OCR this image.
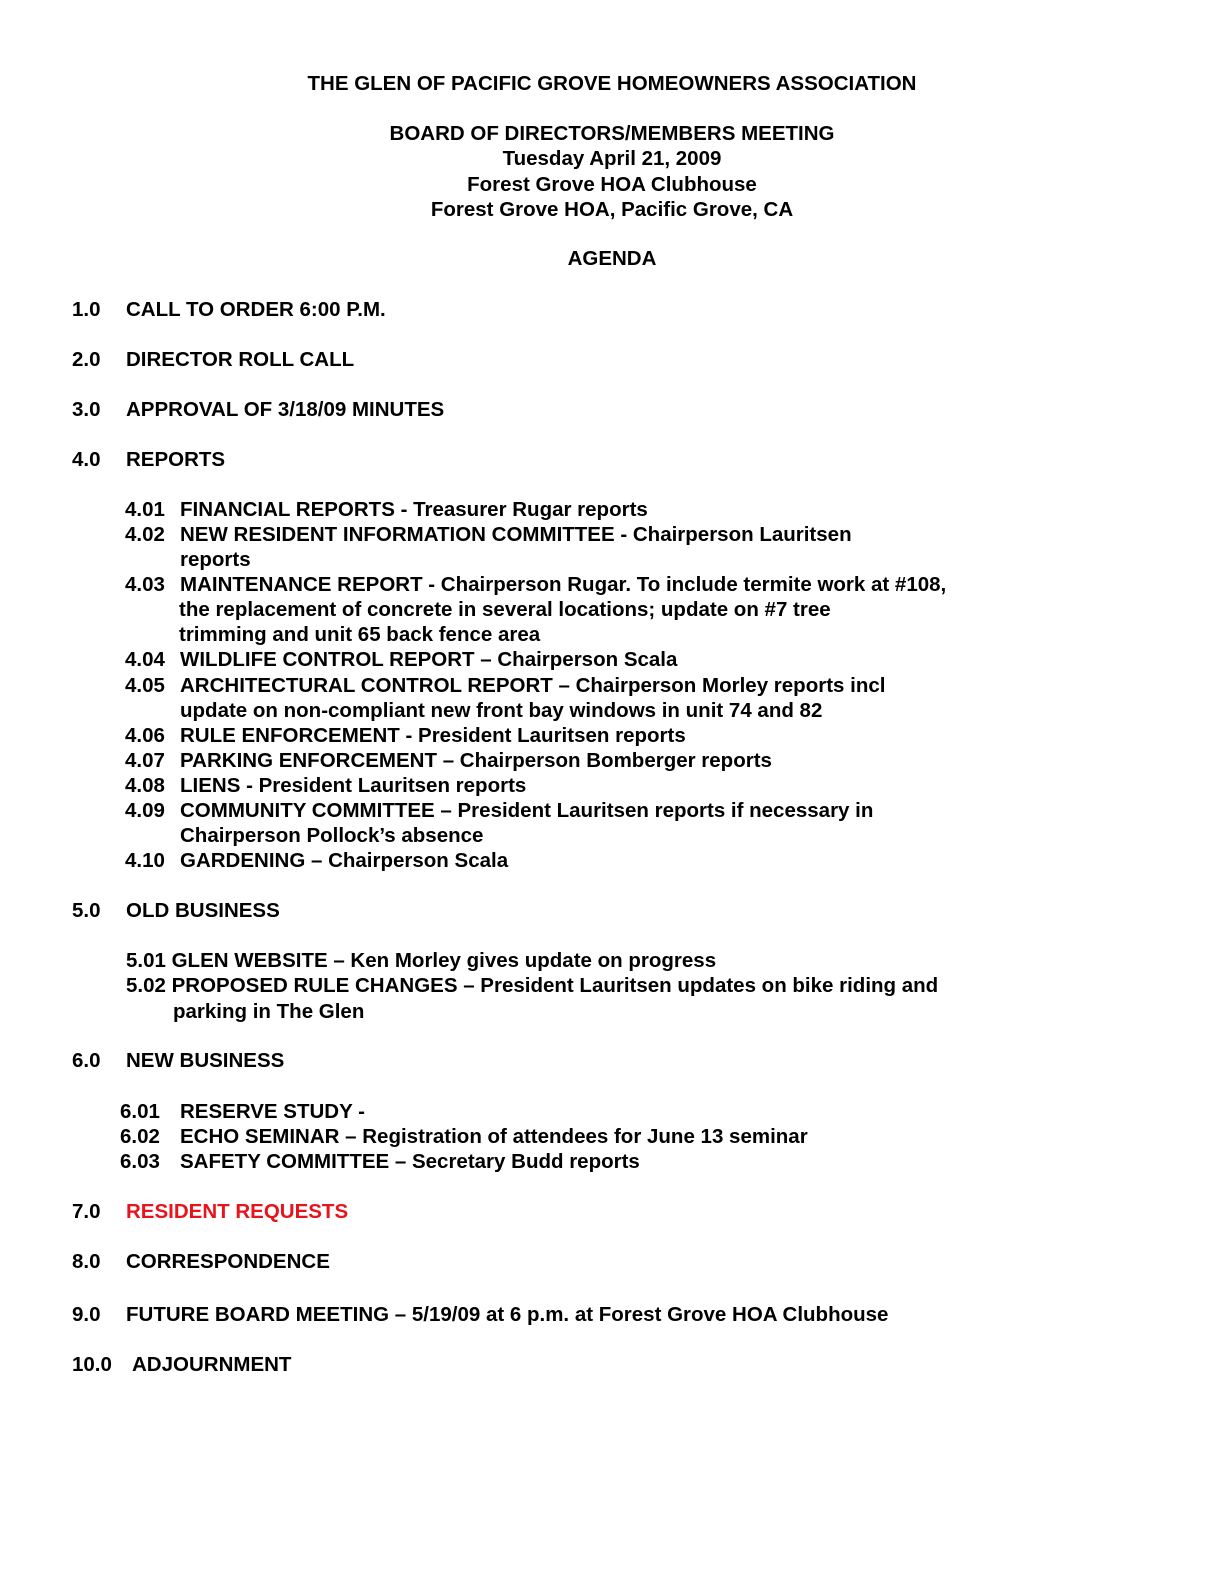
THE GLEN OF PACIFIC GROVE HOMEOWNERS ASSOCIATION
BOARD OF DIRECTORS/MEMBERS MEETING
Tuesday April 21, 2009
Forest Grove HOA Clubhouse
Forest Grove HOA, Pacific Grove, CA
AGENDA
1.0 CALL TO ORDER 6:00 P.M.
2.0 DIRECTOR ROLL CALL
3.0 APPROVAL OF 3/18/09 MINUTES
4.0 REPORTS
4.01 FINANCIAL REPORTS - Treasurer Rugar reports
4.02 NEW RESIDENT INFORMATION COMMITTEE - Chairperson Lauritsen
reports
4.03 MAINTENANCE REPORT - Chairperson Rugar. To include termite work at #108,
the replacement of concrete in several locations; update on #7 tree
trimming and unit 65 back fence area
4.04 WILDLIFE CONTROL REPORT – Chairperson Scala
4.05 ARCHITECTURAL CONTROL REPORT – Chairperson Morley reports incl
update on non-compliant new front bay windows in unit 74 and 82
4.06 RULE ENFORCEMENT - President Lauritsen reports
4.07 PARKING ENFORCEMENT – Chairperson Bomberger reports
4.08 LIENS - President Lauritsen reports
4.09 COMMUNITY COMMITTEE – President Lauritsen reports if necessary in
Chairperson Pollock’s absence
4.10 GARDENING – Chairperson Scala
5.0 OLD BUSINESS
5.01 GLEN WEBSITE – Ken Morley gives update on progress
5.02 PROPOSED RULE CHANGES – President Lauritsen updates on bike riding and
parking in The Glen
6.0 NEW BUSINESS
6.01 RESERVE STUDY -
6.02 ECHO SEMINAR – Registration of attendees for June 13 seminar
6.03 SAFETY COMMITTEE – Secretary Budd reports
7.0 RESIDENT REQUESTS
8.0 CORRESPONDENCE
9.0 FUTURE BOARD MEETING – 5/19/09 at 6 p.m. at Forest Grove HOA Clubhouse
10.0 ADJOURNMENT
